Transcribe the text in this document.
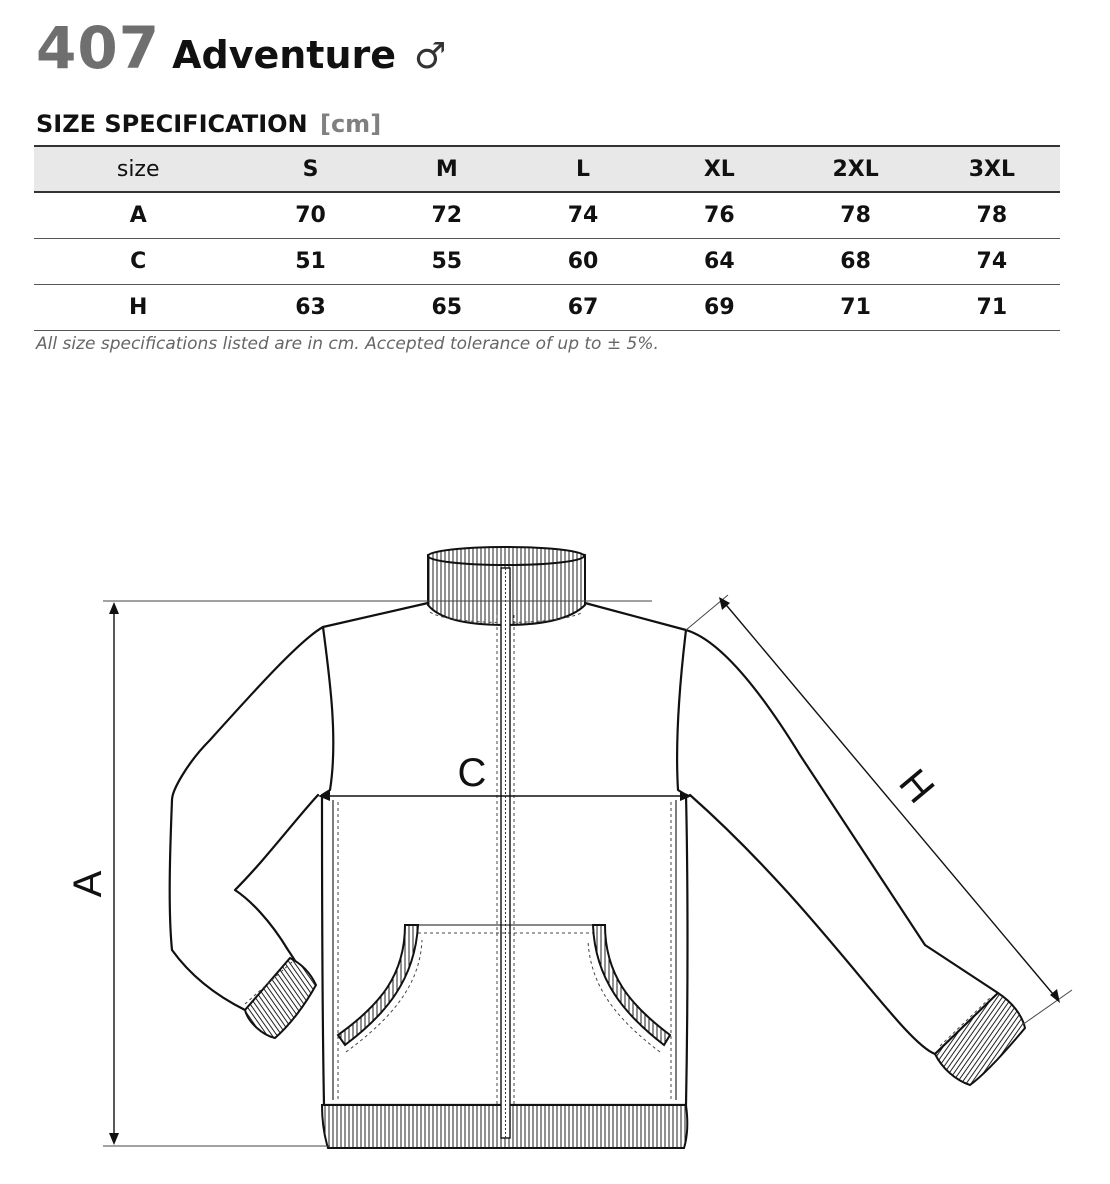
407 Adventure ♂
SIZE SPECIFICATION [cm]
size	S	M	L	XL	2XL	3XL
A	70	72	74	76	78	78
C	51	55	60	64	68	74
H	63	65	67	69	71	71
All size specifications listed are in cm. Accepted tolerance of up to ± 5%.
A
C	H
